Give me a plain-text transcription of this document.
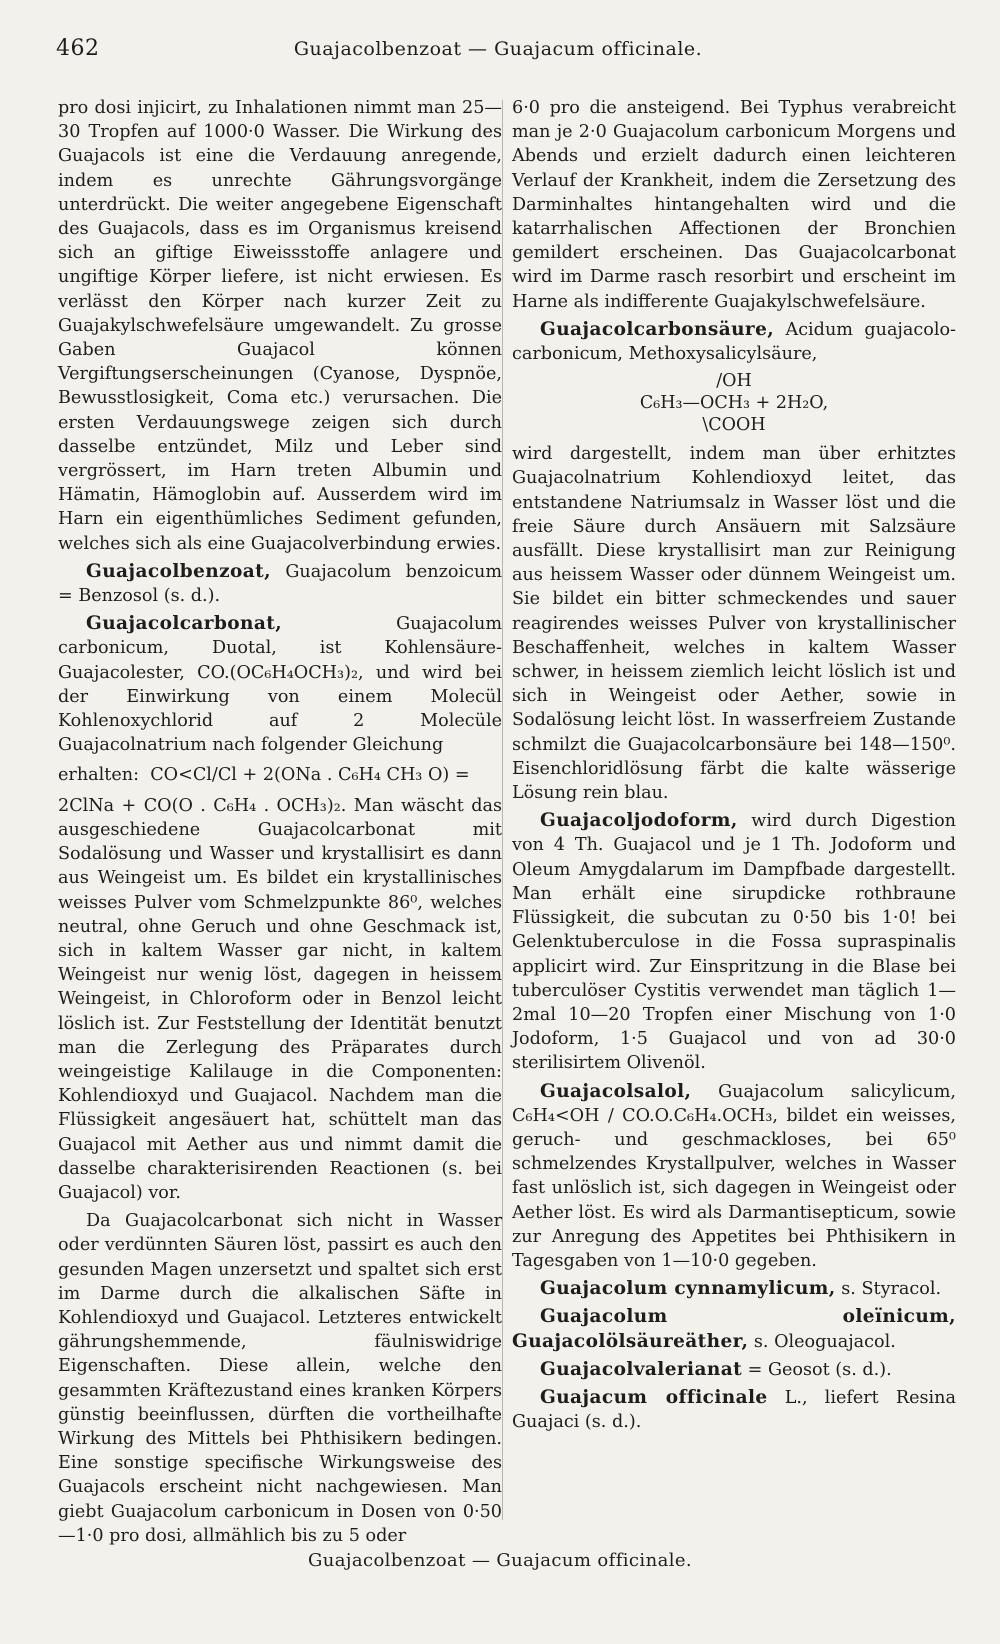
462	Guajacolbenzoat — Guajacum officinale.

pro dosi injicirt, zu Inhalationen nimmt man 25—30 Tropfen auf 1000·0 Wasser. Die Wirkung des Guajacols ist eine die Verdauung anregende, indem es unrechte Gährungsvorgänge unterdrückt. Die weiter angegebene Eigenschaft des Guajacols, dass es im Organismus kreisend sich an giftige Eiweissstoffe anlagere und ungiftige Körper liefere, ist nicht erwiesen. Es verlässt den Körper nach kurzer Zeit zu Guajakylschwefelsäure umgewandelt. Zu grosse Gaben Guajacol können Vergiftungserscheinungen (Cyanose, Dyspnöe, Bewusstlosigkeit, Coma etc.) verursachen. Die ersten Verdauungswege zeigen sich durch dasselbe entzündet, Milz und Leber sind vergrössert, im Harn treten Albumin und Hämatin, Hämoglobin auf. Ausserdem wird im Harn ein eigenthümliches Sediment gefunden, welches sich als eine Guajacolverbindung erwies.

Guajacolbenzoat, Guajacolum benzoicum = Benzosol (s. d.).

Guajacolcarbonat, Guajacolum carbonicum, Duotal, ist Kohlensäure-Guajacolester, CO.(OC₆H₄OCH₃)₂, und wird bei der Einwirkung von einem Molecül Kohlenoxychlorid auf 2 Molecüle Guajacolnatrium nach folgender Gleichung

erhalten: CO<Cl/Cl + 2(ONa . C₆H₄ CH₃ O) =

2ClNa + CO(O . C₆H₄ . OCH₃)₂. Man wäscht das ausgeschiedene Guajacolcarbonat mit Sodalösung und Wasser und krystallisirt es dann aus Weingeist um. Es bildet ein krystallinisches weisses Pulver vom Schmelzpunkte 86⁰, welches neutral, ohne Geruch und ohne Geschmack ist, sich in kaltem Wasser gar nicht, in kaltem Weingeist nur wenig löst, dagegen in heissem Weingeist, in Chloroform oder in Benzol leicht löslich ist. Zur Feststellung der Identität benutzt man die Zerlegung des Präparates durch weingeistige Kalilauge in die Componenten: Kohlendioxyd und Guajacol. Nachdem man die Flüssigkeit angesäuert hat, schüttelt man das Guajacol mit Aether aus und nimmt damit die dasselbe charakterisirenden Reactionen (s. bei Guajacol) vor.

Da Guajacolcarbonat sich nicht in Wasser oder verdünnten Säuren löst, passirt es auch den gesunden Magen unzersetzt und spaltet sich erst im Darme durch die alkalischen Säfte in Kohlendioxyd und Guajacol. Letzteres entwickelt gährungshemmende, fäulniswidrige Eigenschaften. Diese allein, welche den gesammten Kräftezustand eines kranken Körpers günstig beeinflussen, dürften die vortheilhafte Wirkung des Mittels bei Phthisikern bedingen. Eine sonstige specifische Wirkungsweise des Guajacols erscheint nicht nachgewiesen. Man giebt Guajacolum carbonicum in Dosen von 0·50—1·0 pro dosi, allmählich bis zu 5 oder

6·0 pro die ansteigend. Bei Typhus verabreicht man je 2·0 Guajacolum carbonicum Morgens und Abends und erzielt dadurch einen leichteren Verlauf der Krankheit, indem die Zersetzung des Darminhaltes hintangehalten wird und die katarrhalischen Affectionen der Bronchien gemildert erscheinen. Das Guajacolcarbonat wird im Darme rasch resorbirt und erscheint im Harne als indifferente Guajakylschwefelsäure.

Guajacolcarbonsäure, Acidum guajacolo-carbonicum, Methoxysalicylsäure,

/OH
C₆H₃—OCH₃ + 2H₂O,
\COOH

wird dargestellt, indem man über erhitztes Guajacolnatrium Kohlendioxyd leitet, das entstandene Natriumsalz in Wasser löst und die freie Säure durch Ansäuern mit Salzsäure ausfällt. Diese krystallisirt man zur Reinigung aus heissem Wasser oder dünnem Weingeist um. Sie bildet ein bitter schmeckendes und sauer reagirendes weisses Pulver von krystallinischer Beschaffenheit, welches in kaltem Wasser schwer, in heissem ziemlich leicht löslich ist und sich in Weingeist oder Aether, sowie in Sodalösung leicht löst. In wasserfreiem Zustande schmilzt die Guajacolcarbonsäure bei 148—150⁰. Eisenchloridlösung färbt die kalte wässerige Lösung rein blau.

Guajacoljodoform, wird durch Digestion von 4 Th. Guajacol und je 1 Th. Jodoform und Oleum Amygdalarum im Dampfbade dargestellt. Man erhält eine sirupdicke rothbraune Flüssigkeit, die subcutan zu 0·50 bis 1·0! bei Gelenktuberculose in die Fossa supraspinalis applicirt wird. Zur Einspritzung in die Blase bei tuberculöser Cystitis verwendet man täglich 1—2mal 10—20 Tropfen einer Mischung von 1·0 Jodoform, 1·5 Guajacol und von ad 30·0 sterilisirtem Olivenöl.

Guajacolsalol, Guajacolum salicylicum, C₆H₄<OH / CO.O.C₆H₄.OCH₃, bildet ein weisses, geruch- und geschmackloses, bei 65⁰ schmelzendes Krystallpulver, welches in Wasser fast unlöslich ist, sich dagegen in Weingeist oder Aether löst. Es wird als Darmantisepticum, sowie zur Anregung des Appetites bei Phthisikern in Tagesgaben von 1—10·0 gegeben.

Guajacolum cynnamylicum, s. Styracol.

Guajacolum oleïnicum, Guajacolölsäureäther, s. Oleoguajacol.

Guajacolvalerianat = Geosot (s. d.).

Guajacum officinale L., liefert Resina Guajaci (s. d.).

Guajacolbenzoat — Guajacum officinale.
